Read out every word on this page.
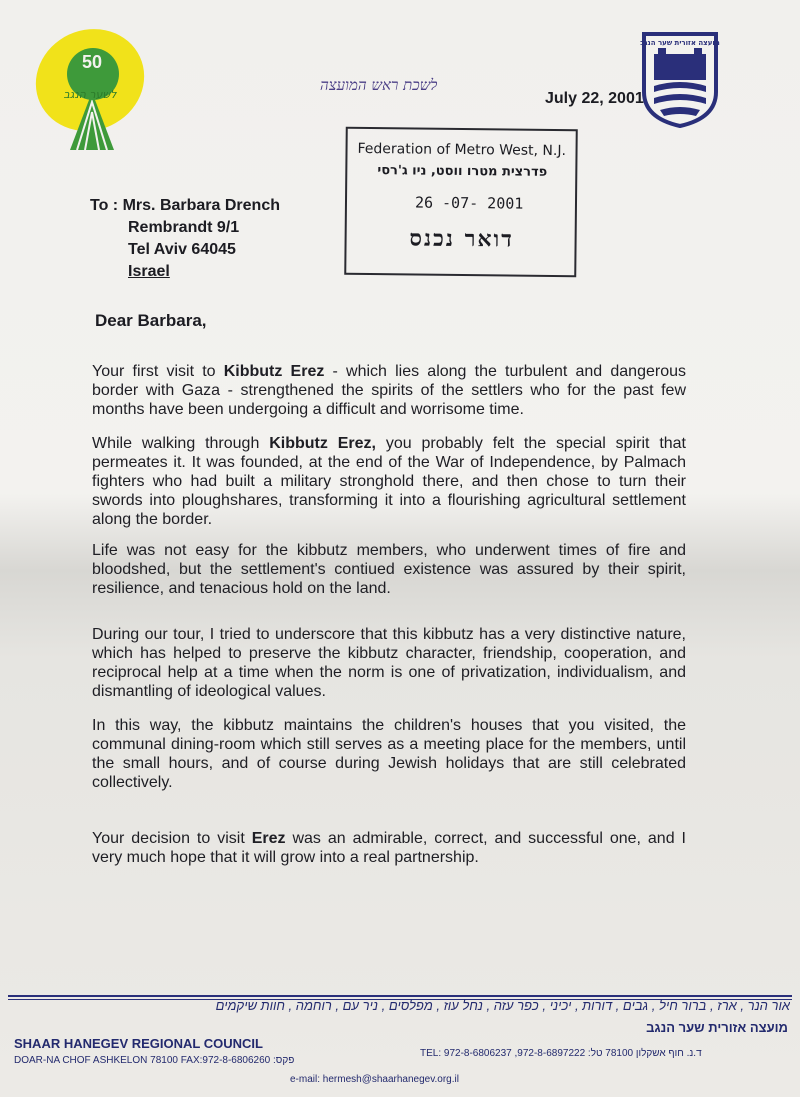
50
לשער הנגב
מועצה אזורית שער הנגב
לשכת ראש המועצה
July 22, 2001
Federation of Metro West, N.J.
פדרצית מטרו ווסט, ניו ג'רסי
26 -07- 2001
דואר נכנס
To : Mrs. Barbara Drench
Rembrandt 9/1
Tel Aviv 64045
Israel
Dear Barbara,
Your first visit to Kibbutz Erez - which lies along the turbulent and dangerous border with Gaza - strengthened the spirits of the settlers who for the past few months have been undergoing a difficult and worrisome time.
While walking through Kibbutz Erez, you probably felt the special spirit that permeates it. It was founded, at the end of the War of Independence, by Palmach fighters who had built a military stronghold there, and then chose to turn their swords into ploughshares, transforming it into a flourishing agricultural settlement along the border.
Life was not easy for the kibbutz members, who underwent times of fire and bloodshed, but the settlement's contiued existence was assured by their spirit, resilience, and tenacious hold on the land.
During our tour, I tried to underscore that this kibbutz has a very distinctive nature, which has helped to preserve the kibbutz character, friendship, cooperation, and reciprocal help at a time when the norm is one of privatization, individualism, and dismantling of ideological values.
In this way, the kibbutz maintains the children's houses that you visited, the communal dining-room which still serves as a meeting place for the members, until the small hours, and of course during Jewish holidays that are still celebrated collectively.
Your decision to visit Erez was an admirable, correct, and successful one, and I very much hope that it will grow into a real partnership.
אור הנר , ארז , ברור חיל , גבים , דורות , יכיני , כפר עזה , נחל עוז , מפלסים , ניר עם , רוחמה , חוות שיקמים
מועצה אזורית שער הנגב
SHAAR HANEGEV REGIONAL COUNCIL
DOAR-NA CHOF ASHKELON 78100 FAX:972-8-6806260 :פקס
TEL: 972-8-6806237 ,972-8-6897222 :ד.נ. חוף אשקלון 78100 טל
e-mail: hermesh@shaarhanegev.org.il
